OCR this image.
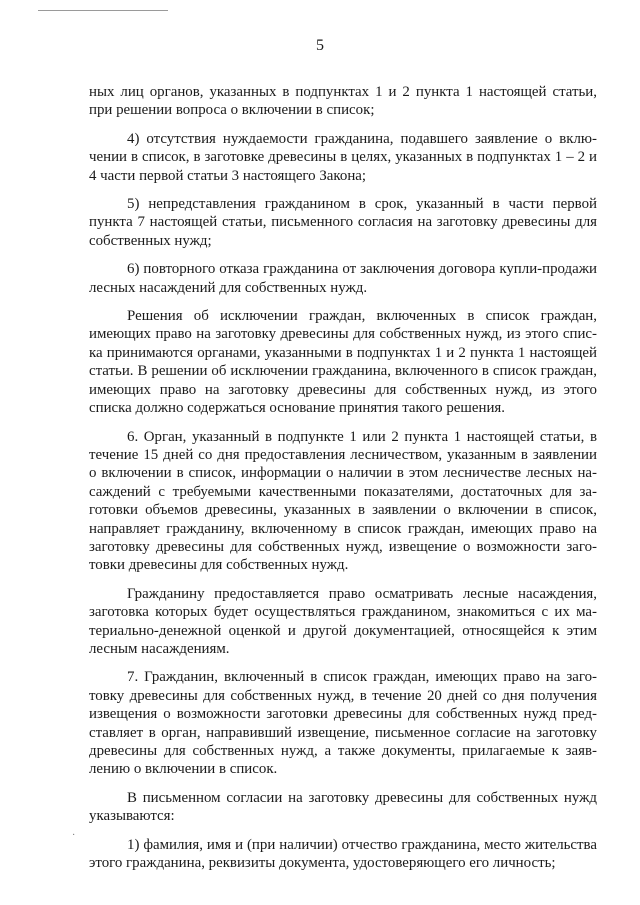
5

ных лиц органов, указанных в подпунктах 1 и 2 пункта 1 настоящей статьи, при решении вопроса о включении в список;

4) отсутствия нуждаемости гражданина, подавшего заявление о включении в список, в заготовке древесины в целях, указанных в подпунктах 1 – 2 и 4 части первой статьи 3 настоящего Закона;

5) непредставления гражданином в срок, указанный в части первой пункта 7 настоящей статьи, письменного согласия на заготовку древесины для собственных нужд;

6) повторного отказа гражданина от заключения договора купли-продажи лесных насаждений для собственных нужд.

Решения об исключении граждан, включенных в список граждан, имеющих право на заготовку древесины для собственных нужд, из этого списка принимаются органами, указанными в подпунктах 1 и 2 пункта 1 настоящей статьи. В решении об исключении гражданина, включенного в список граждан, имеющих право на заготовку древесины для собственных нужд, из этого списка должно содержаться основание принятия такого решения.

6. Орган, указанный в подпункте 1 или 2 пункта 1 настоящей статьи, в течение 15 дней со дня предоставления лесничеством, указанным в заявлении о включении в список, информации о наличии в этом лесничестве лесных насаждений с требуемыми качественными показателями, достаточных для заготовки объемов древесины, указанных в заявлении о включении в список, направляет гражданину, включенному в список граждан, имеющих право на заготовку древесины для собственных нужд, извещение о возможности заготовки древесины для собственных нужд.

Гражданину предоставляется право осматривать лесные насаждения, заготовка которых будет осуществляться гражданином, знакомиться с их материально-денежной оценкой и другой документацией, относящейся к этим лесным насаждениям.

7. Гражданин, включенный в список граждан, имеющих право на заготовку древесины для собственных нужд, в течение 20 дней со дня получения извещения о возможности заготовки древесины для собственных нужд представляет в орган, направивший извещение, письменное согласие на заготовку древесины для собственных нужд, а также документы, прилагаемые к заявлению о включении в список.

В письменном согласии на заготовку древесины для собственных нужд указываются:

1) фамилия, имя и (при наличии) отчество гражданина, место жительства этого гражданина, реквизиты документа, удостоверяющего его личность;

·
